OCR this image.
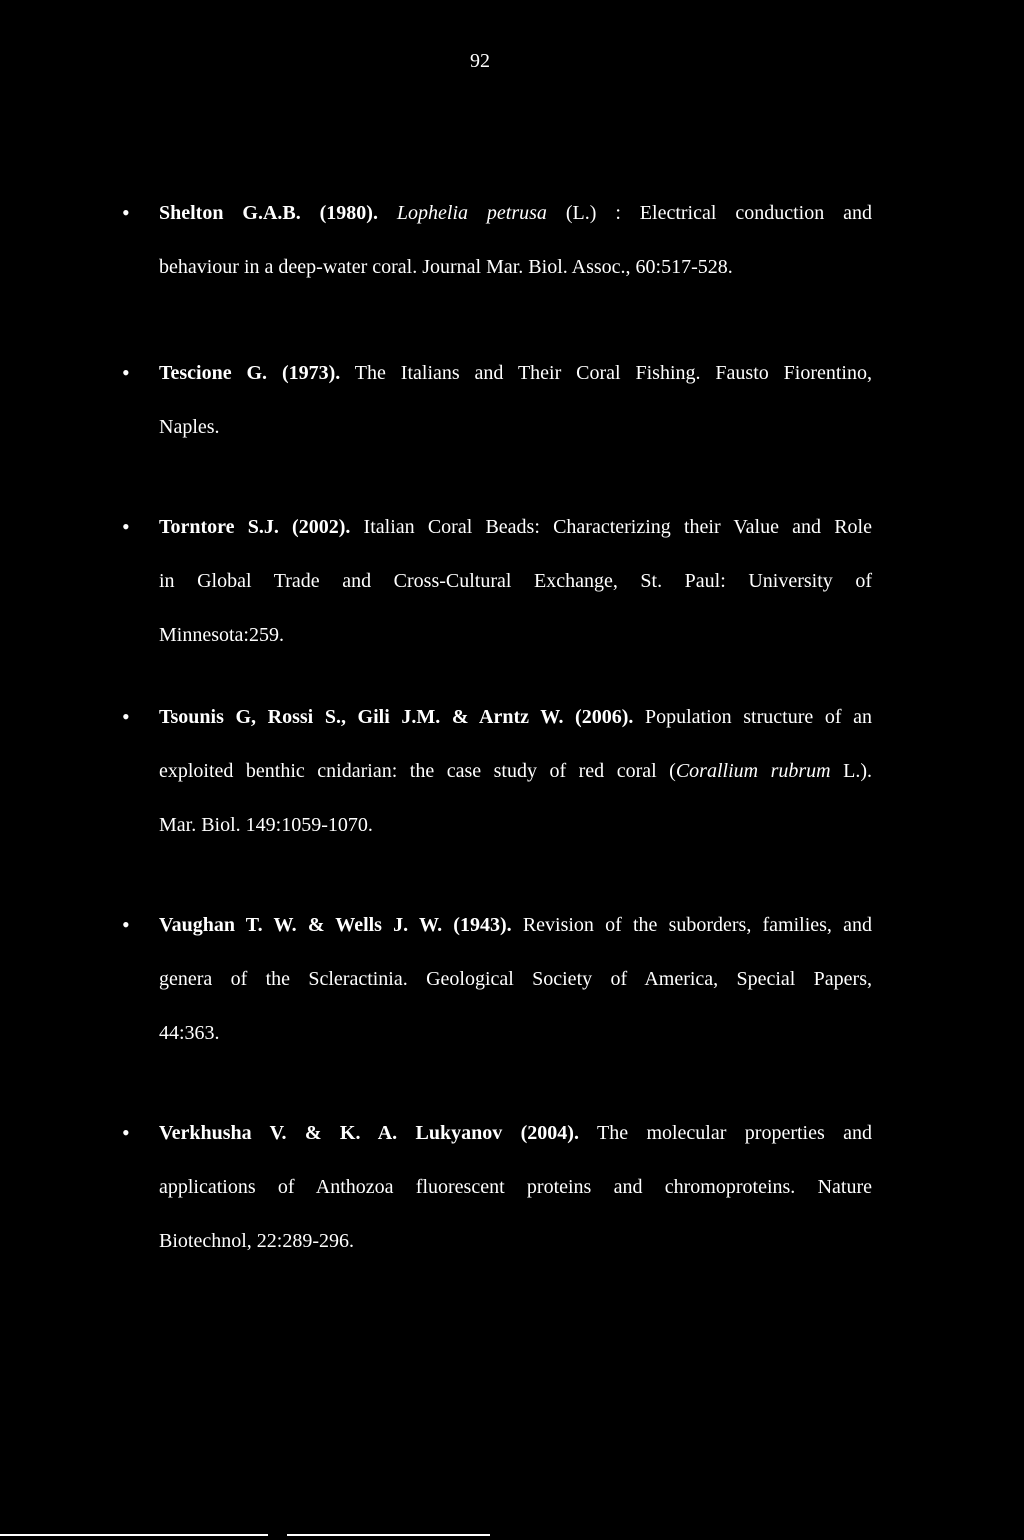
92
•	Shelton G.A.B. (1980). Lophelia petrusa (L.) : Electrical conduction and
behaviour in a deep-water coral. Journal Mar. Biol. Assoc., 60:517-528.
•	Tescione G. (1973). The Italians and Their Coral Fishing. Fausto Fiorentino,
Naples.
•	Torntore S.J. (2002). Italian Coral Beads: Characterizing their Value and Role
in Global Trade and Cross-Cultural Exchange, St. Paul: University of
Minnesota:259.
•	Tsounis G, Rossi S., Gili J.M. & Arntz W. (2006). Population structure of an
exploited benthic cnidarian: the case study of red coral (Corallium rubrum L.).
Mar. Biol. 149:1059-1070.
•	Vaughan T. W. & Wells J. W. (1943). Revision of the suborders, families, and
genera of the Scleractinia. Geological Society of America, Special Papers,
44:363.
•	Verkhusha V. & K. A. Lukyanov (2004). The molecular properties and
applications of Anthozoa fluorescent proteins and chromoproteins. Nature
Biotechnol, 22:289-296.
